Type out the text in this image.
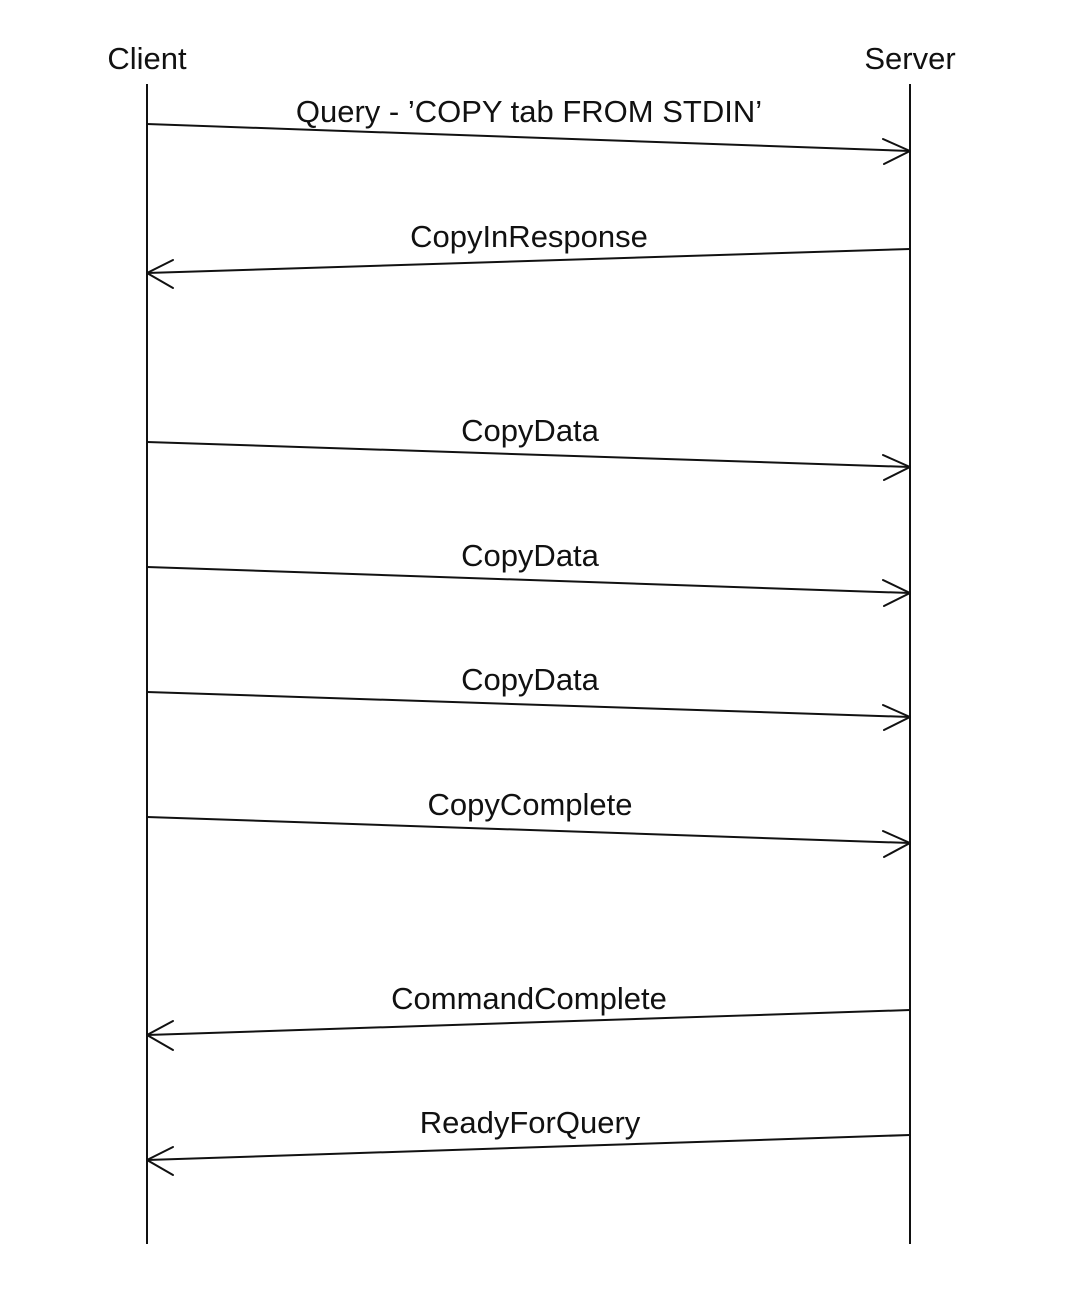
Client	Server
Query - ’COPY tab FROM STDIN’
CopyInResponse
CopyData
CopyData
CopyData
CopyComplete
CommandComplete
ReadyForQuery
